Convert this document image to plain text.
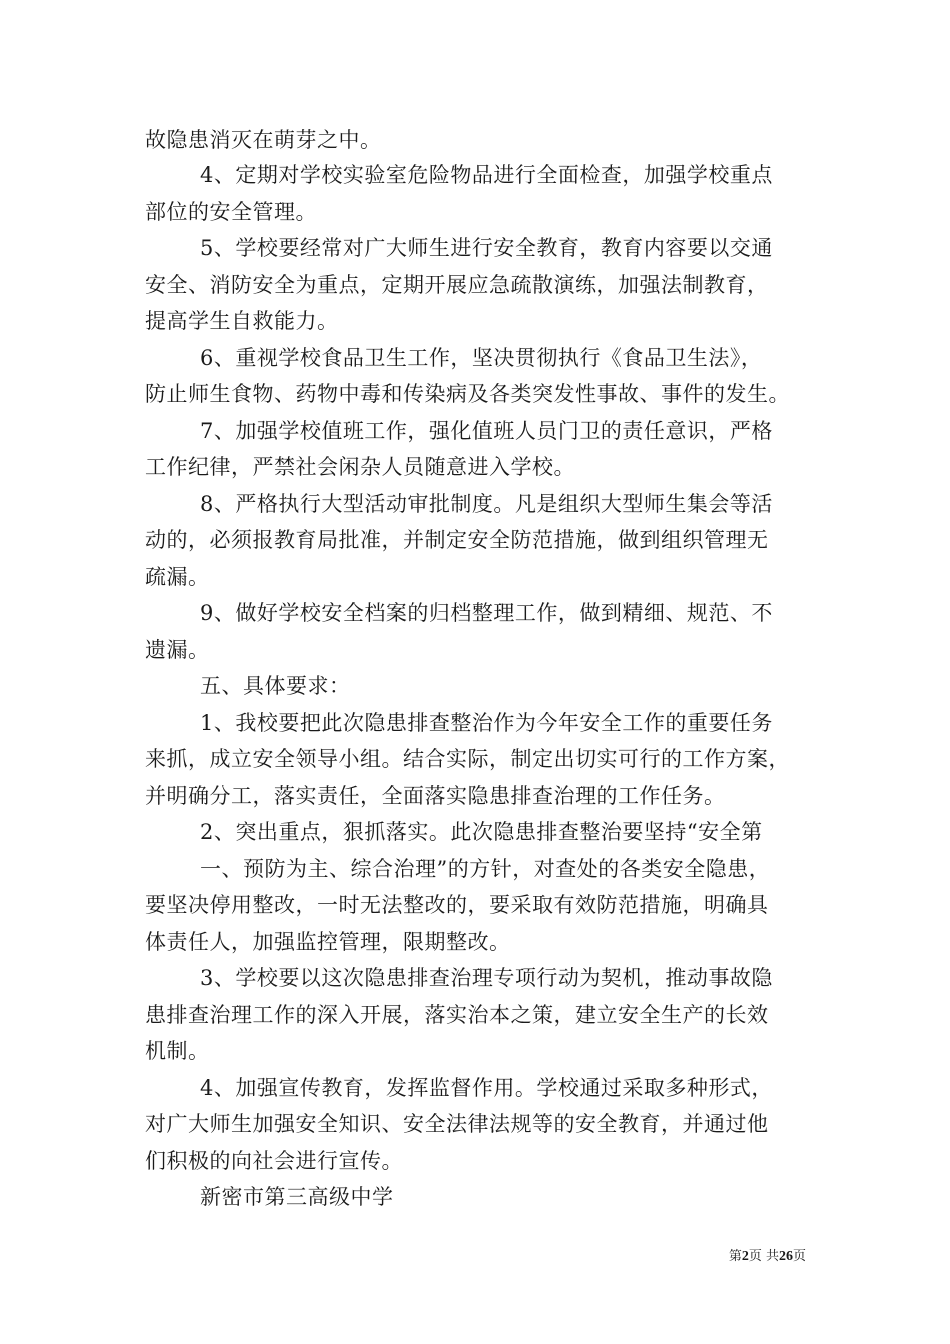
故隐患消灭在萌芽之中。
4、定期对学校实验室危险物品进行全面检查，加强学校重点
部位的安全管理。
5、学校要经常对广大师生进行安全教育，教育内容要以交通
安全、消防安全为重点，定期开展应急疏散演练，加强法制教育，
提高学生自救能力。
6、重视学校食品卫生工作，坚决贯彻执行《食品卫生法》，
防止师生食物、药物中毒和传染病及各类突发性事故、事件的发生。
7、加强学校值班工作，强化值班人员门卫的责任意识，严格
工作纪律，严禁社会闲杂人员随意进入学校。
8、严格执行大型活动审批制度。凡是组织大型师生集会等活
动的，必须报教育局批准，并制定安全防范措施，做到组织管理无
疏漏。
9、做好学校安全档案的归档整理工作，做到精细、规范、不
遗漏。
五、具体要求：
1、我校要把此次隐患排查整治作为今年安全工作的重要任务
来抓，成立安全领导小组。结合实际，制定出切实可行的工作方案，
并明确分工，落实责任，全面落实隐患排查治理的工作任务。
2、突出重点，狠抓落实。此次隐患排查整治要坚持“安全第
一、预防为主、综合治理”的方针，对查处的各类安全隐患，
要坚决停用整改，一时无法整改的，要采取有效防范措施，明确具
体责任人，加强监控管理，限期整改。
3、学校要以这次隐患排查治理专项行动为契机，推动事故隐
患排查治理工作的深入开展，落实治本之策，建立安全生产的长效
机制。
4、加强宣传教育，发挥监督作用。学校通过采取多种形式，
对广大师生加强安全知识、安全法律法规等的安全教育，并通过他
们积极的向社会进行宣传。
新密市第三高级中学
第2页 共26页
